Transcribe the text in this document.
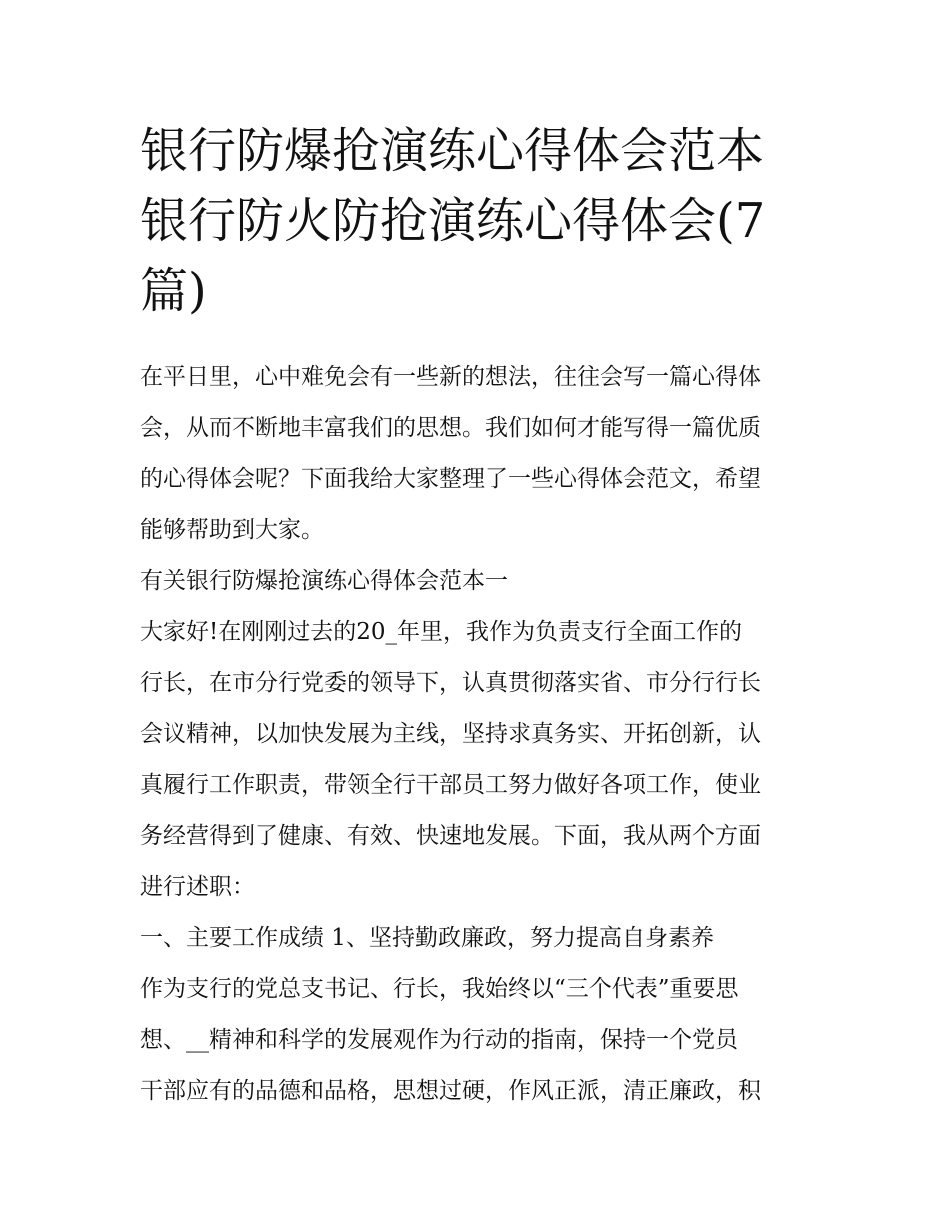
银行防爆抢演练心得体会范本
银行防火防抢演练心得体会(7
篇)

在平日里，心中难免会有一些新的想法，往往会写一篇心得体
会，从而不断地丰富我们的思想。我们如何才能写得一篇优质
的心得体会呢？下面我给大家整理了一些心得体会范文，希望
能够帮助到大家。

有关银行防爆抢演练心得体会范本一

大家好!在刚刚过去的20_年里，我作为负责支行全面工作的
行长，在市分行党委的领导下，认真贯彻落实省、市分行行长
会议精神，以加快发展为主线，坚持求真务实、开拓创新，认
真履行工作职责，带领全行干部员工努力做好各项工作，使业
务经营得到了健康、有效、快速地发展。下面，我从两个方面
进行述职：

一、主要工作成绩 1、坚持勤政廉政，努力提高自身素养

作为支行的党总支书记、行长，我始终以“三个代表”重要思
想、__精神和科学的发展观作为行动的指南，保持一个党员
干部应有的品德和品格，思想过硬，作风正派，清正廉政，积
